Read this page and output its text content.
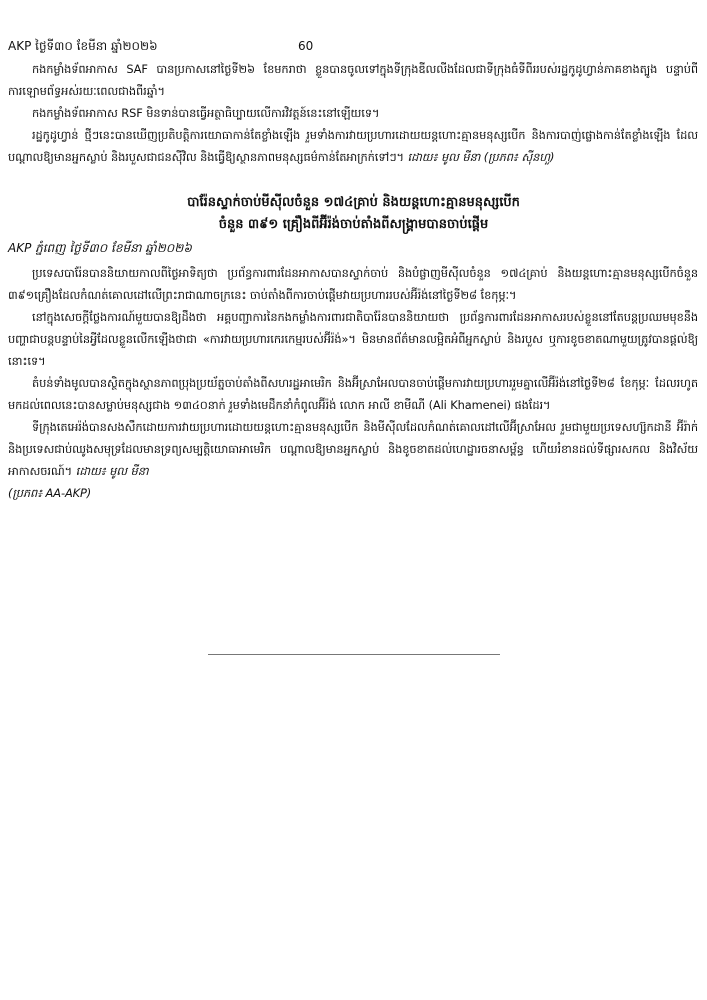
AKP ថ្ងៃទី៣០ ខែមីនា ឆ្នាំ២០២៦	60

កងកម្លាំងទ័ពអាកាស SAF បានប្រកាសនៅថ្ងៃទី២៦ ខែមករាថា ខ្លួនបានចូលទៅក្នុងទីក្រុងឌីលលីងដែលជាទីក្រុងធំទីពីររបស់រដ្ឋកូដូហ្វាន់ភាគខាងត្បូង បន្ទាប់ពីការឡោមព័ទ្ធអស់រយៈពេលជាងពីរឆ្នាំ។

កងកម្លាំងទ័ពអាកាស RSF មិនទាន់បានធ្វើអត្ថាធិប្បាយលើការវិវត្តន៍នេះនៅឡើយទេ។

រដ្ឋកូដូហ្វាន់ ថ្មីៗនេះបានឃើញប្រតិបត្តិការយោធាកាន់តែខ្លាំងឡើង រួមទាំងការវាយប្រហារដោយយន្តហោះគ្មានមនុស្សបើក និងការបាញ់ផ្លោងកាន់តែខ្លាំងឡើង ដែលបណ្តាលឱ្យមានអ្នកស្លាប់ និងរបួសជាជនស៊ីវិល និងធ្វើឱ្យស្ថានភាពមនុស្សធម៌កាន់តែអាក្រក់ទៅៗ។ ដោយ៖ មូល មីនា (ប្រភព៖ ស៊ីនហួ)

បារ៉ែនស្ទាក់ចាប់មីស៊ីលចំនួន ១៧៤គ្រាប់ និងយន្តហោះគ្មានមនុស្សបើក
ចំនួន ៣៩១ គ្រឿងពីអ៊ីរ៉ង់ចាប់តាំងពីសង្គ្រាមបានចាប់ផ្តើម
AKP ភ្នំពេញ ថ្ងៃទី៣០ ខែមីនា ឆ្នាំ២០២៦

ប្រទេសបារ៉ែនបាននិយាយកាលពីថ្ងៃអាទិត្យថា ប្រព័ន្ធការពារដែនអាកាសបានស្ទាក់ចាប់ និងបំផ្លាញមីស៊ីលចំនួន ១៧៤គ្រាប់ និងយន្តហោះគ្មានមនុស្សបើកចំនួន ៣៩១គ្រឿងដែលកំណត់គោលដៅលើព្រះរាជាណាចក្រនេះ ចាប់តាំងពីការចាប់ផ្តើមវាយប្រហាររបស់អ៊ីរ៉ង់នៅថ្ងៃទី២៨ ខែកុម្ភៈ។

នៅក្នុងសេចក្តីថ្លែងការណ៍មួយបានឱ្យដឹងថា អគ្គបញ្ជាការនៃកងកម្លាំងការពារជាតិបារ៉ែនបាននិយាយថា ប្រព័ន្ធការពារដែនអាកាសរបស់ខ្លួននៅតែបន្តប្រឈមមុខនឹងបញ្ហាជាបន្តបន្ទាប់នៃអ្វីដែលខ្លួនលើកឡើងថាជា «ការវាយប្រហារកេរកេម្មរបស់អ៊ីរ៉ង់»។ មិនមានព័ត៌មានលម្អិតអំពីអ្នកស្លាប់ និងរបួស ឬការខូចខាតណាមួយត្រូវបានផ្តល់ឱ្យនោះទេ។

តំបន់ទាំងមូលបានស្ថិតក្នុងស្ថានភាពប្រុងប្រយ័ត្នចាប់តាំងពីសហរដ្ឋអាមេរិក និងអ៊ីស្រាអែលបានចាប់ផ្តើមការវាយប្រហាររួមគ្នាលើអ៊ីរ៉ង់នៅថ្ងៃទី២៨ ខែកុម្ភៈ ដែលរហូតមកដល់ពេលនេះបានសម្លាប់មនុស្សជាង ១៣៤០នាក់ រួមទាំងមេដឹកនាំកំពូលអ៊ីរ៉ង់ លោក អាលី ខាមីណី (Ali Khamenei) ផងដែរ។

ទីក្រុងតេអេរ៉ង់បានសងសឹកដោយការវាយប្រហារដោយយន្តហោះគ្មានមនុស្សបើក និងមីស៊ីលដែលកំណត់គោលដៅលើអ៊ីស្រាអែល រួមជាមួយប្រទេសហ្ស៊កដានី អ៊ីរ៉ាក់ និងប្រទេសជាប់ឈូងសមុទ្រដែលមានទ្រព្យសម្បត្តិយោធាអាមេរិក បណ្តាលឱ្យមានអ្នកស្លាប់ និងខូចខាតដល់ហេដ្ឋារចនាសម្ព័ន្ធ ហើយរំខានដល់ទីផ្សារសកល និងវិស័យអាកាសចរណ៍។ ដោយ៖ មូល មីនា

(ប្រភព៖ AA-AKP)
